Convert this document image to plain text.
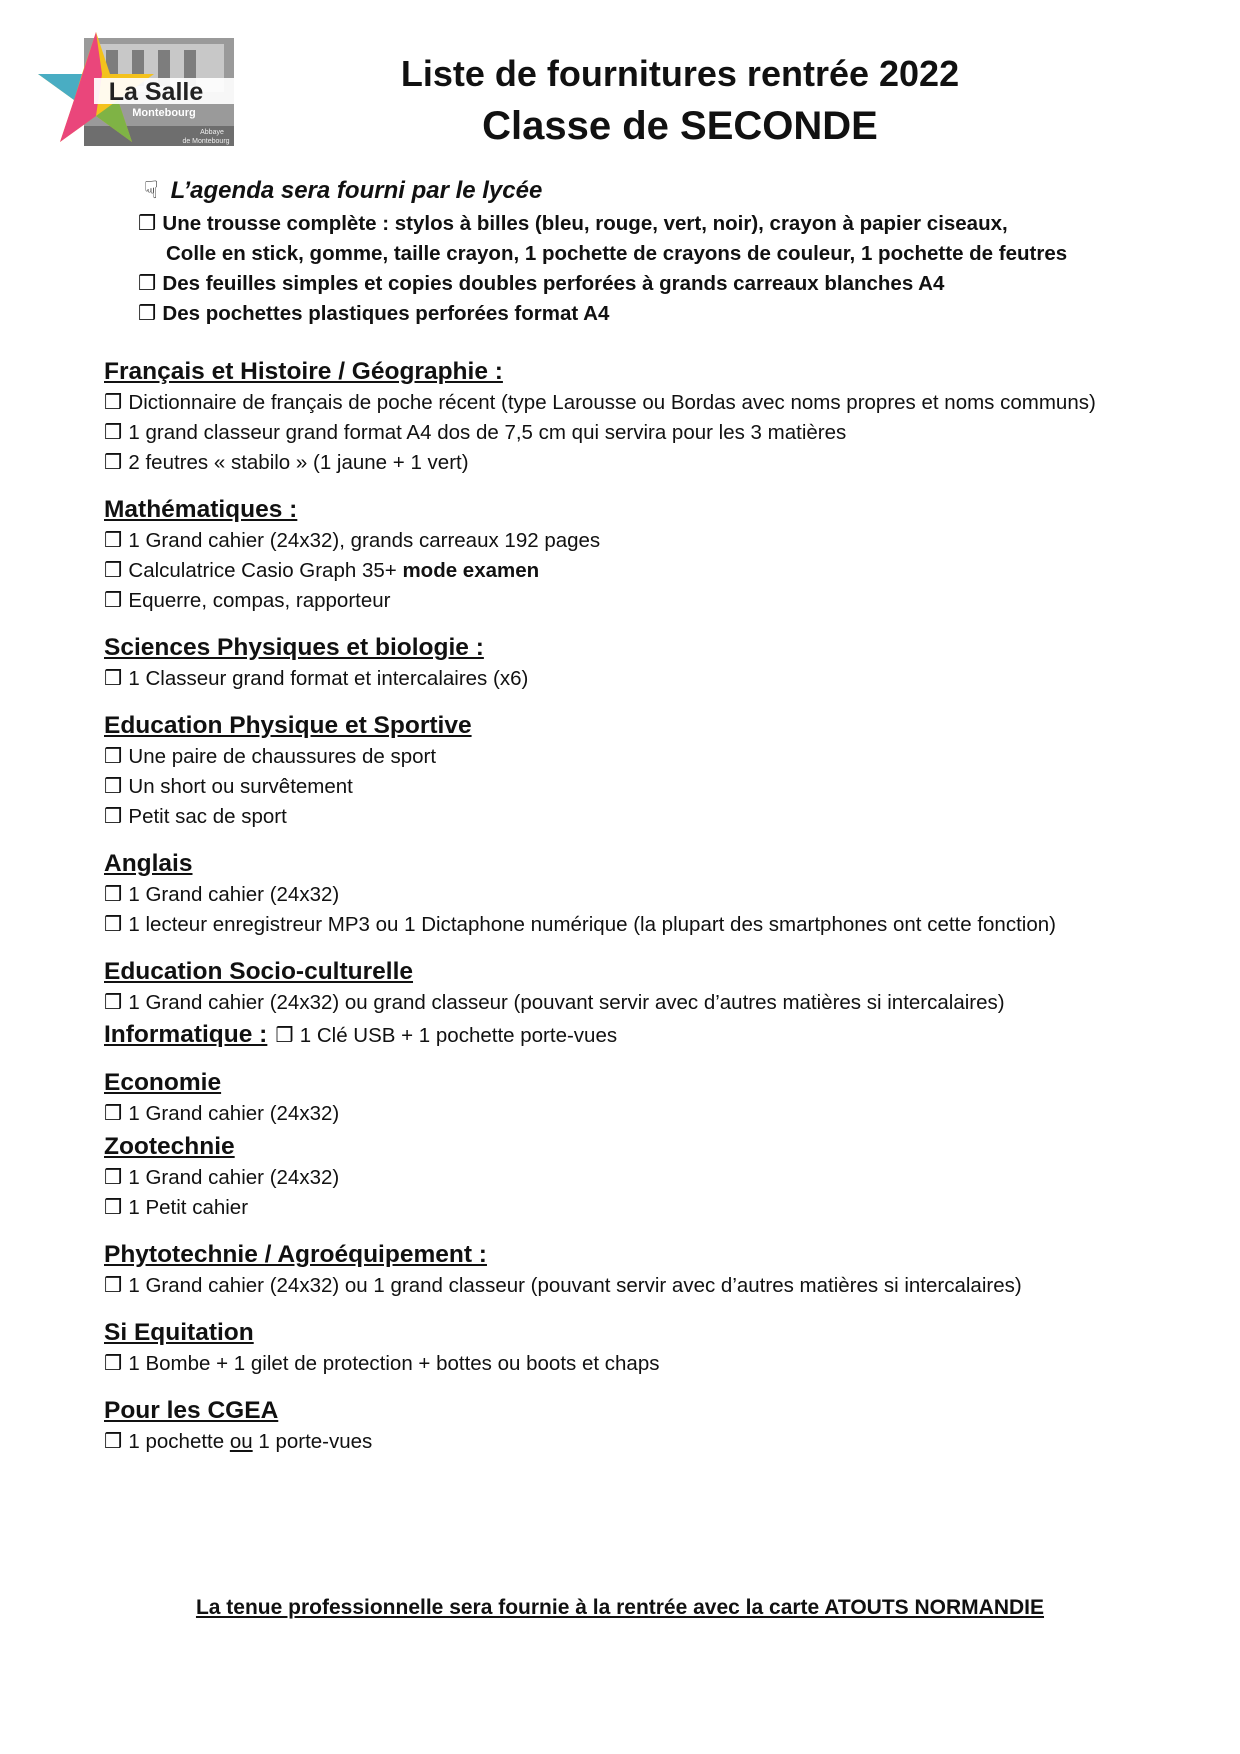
La Salle
Montebourg
Abbaye
de Montebourg
Liste de fournitures rentrée 2022
Classe de SECONDE
☟ L’agenda sera fourni par le lycée
❒ Une trousse complète : stylos à billes (bleu, rouge, vert, noir), crayon à papier ciseaux,
Colle en stick, gomme, taille crayon, 1 pochette de crayons de couleur, 1 pochette de feutres
❒ Des feuilles simples et copies doubles perforées à grands carreaux blanches A4
❒ Des pochettes plastiques perforées format A4
Français et Histoire / Géographie :
❒ Dictionnaire de français de poche récent (type Larousse ou Bordas avec noms propres et noms communs)
❒ 1 grand classeur grand format A4 dos de 7,5 cm qui servira pour les 3 matières
❒ 2 feutres « stabilo » (1 jaune + 1 vert)
Mathématiques :
❒ 1 Grand cahier (24x32), grands carreaux 192 pages
❒ Calculatrice Casio Graph 35+ mode examen
❒ Equerre, compas, rapporteur
Sciences Physiques et biologie :
❒ 1 Classeur grand format et intercalaires (x6)
Education Physique et Sportive
❒ Une paire de chaussures de sport
❒ Un short ou survêtement
❒ Petit sac de sport
Anglais
❒ 1 Grand cahier (24x32)
❒ 1 lecteur enregistreur MP3 ou 1 Dictaphone numérique (la plupart des smartphones ont cette fonction)
Education Socio-culturelle
❒ 1 Grand cahier (24x32) ou grand classeur (pouvant servir avec d’autres matières si intercalaires)
Informatique : ❒ 1 Clé USB + 1 pochette porte-vues
Economie
❒ 1 Grand cahier (24x32)
Zootechnie
❒ 1 Grand cahier (24x32)
❒ 1 Petit cahier
Phytotechnie / Agroéquipement :
❒ 1 Grand cahier (24x32) ou 1 grand classeur (pouvant servir avec d’autres matières si intercalaires)
Si Equitation
❒ 1 Bombe + 1 gilet de protection + bottes ou boots et chaps
Pour les CGEA
❒ 1 pochette ou 1 porte-vues
La tenue professionnelle sera fournie à la rentrée avec la carte ATOUTS NORMANDIE
